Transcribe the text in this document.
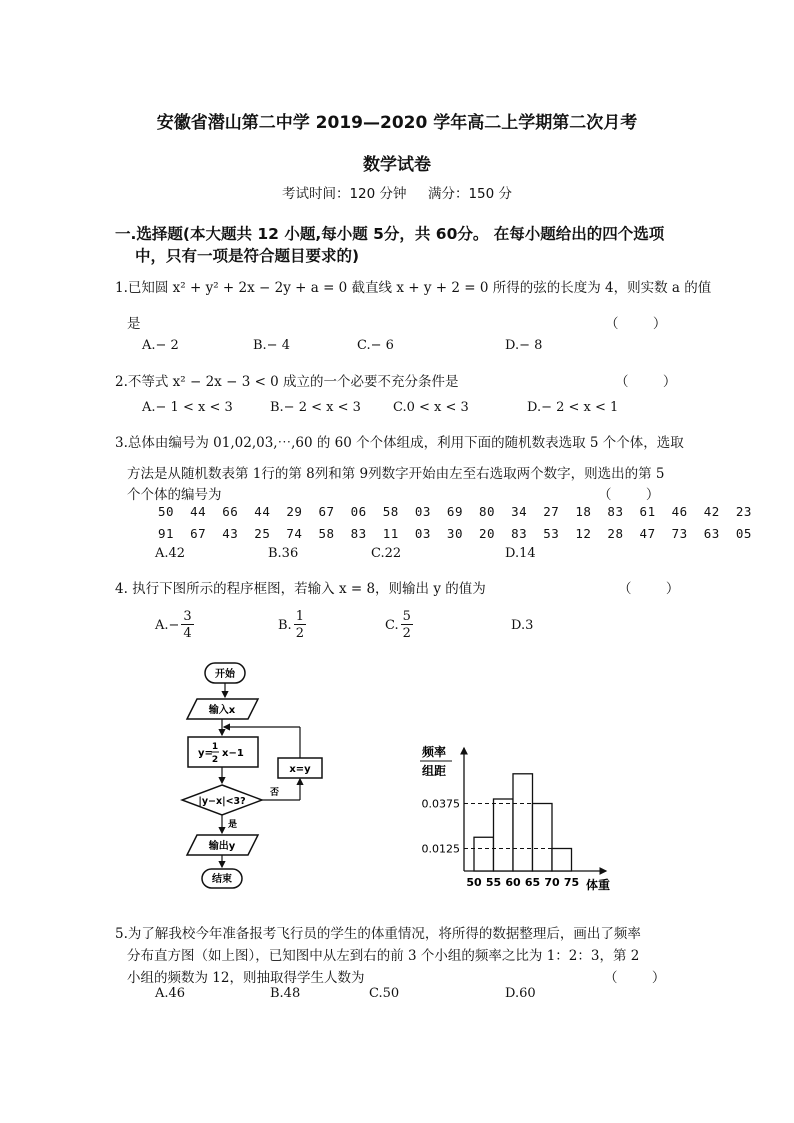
安徽省潜山第二中学 2019—2020 学年高二上学期第二次月考
数学试卷
考试时间：120 分钟     满分：150 分
一.选择题(本大题共 12 小题,每小题 5分，共 60分。 在每小题给出的四个选项
中，只有一项是符合题目要求的)
1.已知圆 x² + y² + 2x − 2y + a = 0 截直线 x + y + 2 = 0 所得的弦的长度为 4，则实数 a 的值
是	（        ）
A.− 2	B.− 4	C.− 6	D.− 8
2.不等式 x² − 2x − 3 < 0 成立的一个必要不充分条件是	（        ）
A.− 1 < x < 3	B.− 2 < x < 3 C.0 < x < 3	D.− 2 < x < 1
3.总体由编号为 01,02,03,⋯,60 的 60 个个体组成，利用下面的随机数表选取 5 个个体，选取
方法是从随机数表第 1行的第 8列和第 9列数字开始由左至右选取两个数字，则选出的第 5
个个体的编号为	（        ）
50  44  66  44  29  67  06  58  03  69  80  34  27  18  83  61  46  42  23
91  67  43  25  74  58  83  11  03  30  20  83  53  12  28  47  73  63  05
A.42	B.36	C.22	D.14
4. 执行下图所示的程序框图，若输入 x = 8，则输出 y 的值为	（        ）
$A.- \frac{3}{4}$	B. $\frac{1}{2}$	C. $\frac{5}{2}$	D.3
开始
输入x
y=
1
2
x−1
|y−x|<3?
否
x=y
是
输出y
结束
频率
组距
50 55 60 65 70 75
0.0375
0.0125
体重
5.为了解我校今年准备报考飞行员的学生的体重情况，将所得的数据整理后，画出了频率
分布直方图（如上图），已知图中从左到右的前 3 个小组的频率之比为 1：2：3，第 2
小组的频数为 12，则抽取得学生人数为	（        ）
A.46	B.48	C.50	D.60
